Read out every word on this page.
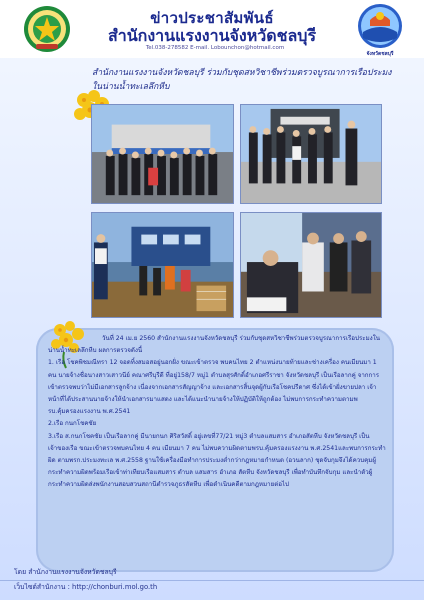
ข่าวประชาสัมพันธ์
สำนักงานแรงงานจังหวัดชลบุรี
Tel.038-278582 E-mail. Lobounchon@hotmail.com
จังหวัดชลบุรี
สำนักงานแรงงานจังหวัดชลบุรี ร่วมกับชุดสหวิชาชีพร่วมตรวจบูรณาการเรือประมงในน่านน้ำทะเลลึกหีบ

วันที่ 24 เม.ย 2560 สำนักงานแรงงานจังหวัดชลบุรี ร่วมกับชุดสหวิชาชีพร่วมตรวจบูรณาการเรือประมงในน่านน้ำทะเลลึกหีบ ผลการตรวจดังนี้

1. เรือ โชคพิชมณีทรา 12 จอดทิ้งสมอสอยู่นอกฝั่ง ขณะเข้าตรวจ พบคนไทย 2 ตำแหน่งนายท้ายและช่างเครื่อง คนเมียนมา 1 คน นายจ้างชื่อนางสาวเสาวนีย์ คณาศรีบุรีดี ที่อยู่158/7 หมู่1 ตำบลสุรศักดิ์อำเภอศรีราชา จังหวัดชลบุรี เป็นเรือลากคู่ จากการเข้าตรวจพบว่าไม่มีเอกสารลูกจ้าง เนื่องจากเอกสารสัญญาจ้าง และเอกสารสิ้นจุดผู้กับเรือโชคปรีดาศ ซึ่งได้เข้าฝั่งขายปลา เจ้าหน้าที่ได้ประสานนายจ้างให้นำเอกสารมาแสดง และได้แนะนำนายจ้างให้ปฏิบัติให้ถูกต้อง ไม่พบการกระทำความตามพรบ.คุ้มครองแรงงาน พ.ศ.2541

2.เรือ กนกโชคชัย

3.เรือ ส.กนกโชคชัย เป็นเรือลากคู่ มีนายกนก ศิริสวัสดิ์ อยู่เลขที่77/21 หมู่3 ตำบลแสมสาร อำเภอสัตหีบ จังหวัดชลบุรี เป็นเจ้าของเรือ ขณะเข้าตรวจพบคนไทย 4 คน เมียนมา 7 คน ไม่พบความผิดตามพรบ.คุ้มครองแรงงาน พ.ศ.2541และพบการกระทำผิด ตามพรก.ประมงทะเล พ.ศ.2558 ฐานใช้เครื่องมือทำการประมงต่ำกว่ากฎหมายกำหนด (อวนลาก) ชุดจับกุมจึงได้ควบคุมผู้กระทำความผิดพร้อมเรือเข้าท่าเทียบเรือแสมสาร ตำบล แสมสาร อำเภอ สัตหีบ จังหวัดชลบุรี เพื่อทำบันทึกจับกุม และนำตัวผู้กระทำความผิดส่งพนักงานสอบสวนสถานีตำรวจภูธรสัตหีบ เพื่อดำเนินคดีตามกฎหมายต่อไป

โดย สำนักงานแรงงานจังหวัดชลบุรี
เว็บไซต์สำนักงาน : http://chonburi.mol.go.th
